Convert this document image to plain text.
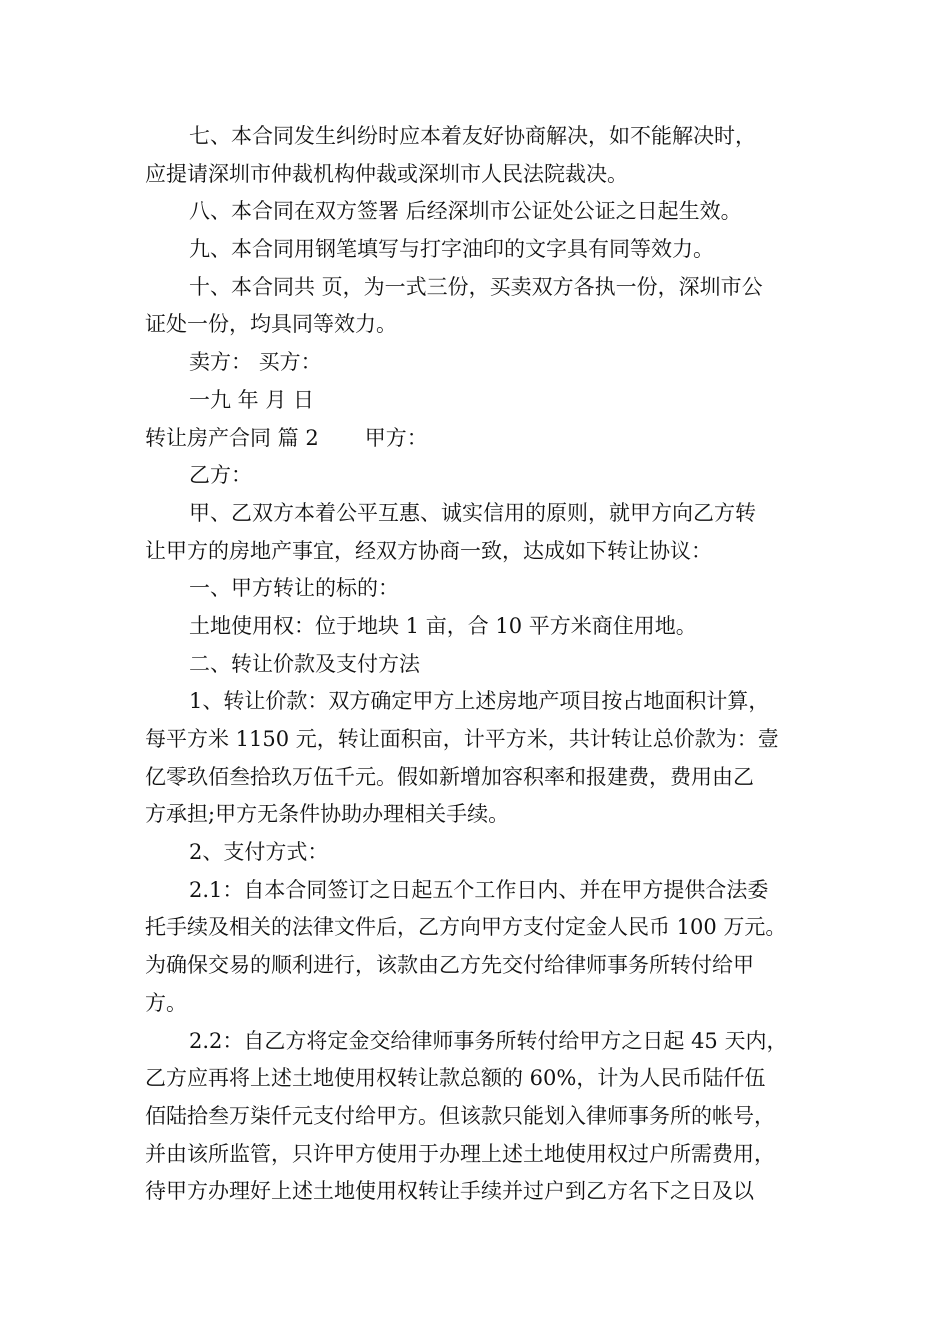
七、本合同发生纠纷时应本着友好协商解决，如不能解决时，
应提请深圳市仲裁机构仲裁或深圳市人民法院裁决。
八、本合同在双方签署 后经深圳市公证处公证之日起生效。
九、本合同用钢笔填写与打字油印的文字具有同等效力。
十、本合同共 页，为一式三份，买卖双方各执一份，深圳市公
证处一份，均具同等效力。
卖方： 买方：
一九 年 月 日
转让房产合同 篇 2 甲方：
乙方：
甲、乙双方本着公平互惠、诚实信用的原则，就甲方向乙方转
让甲方的房地产事宜，经双方协商一致，达成如下转让协议：
一、甲方转让的标的：
土地使用权：位于地块 1 亩，合 10 平方米商住用地。
二、转让价款及支付方法
1、转让价款：双方确定甲方上述房地产项目按占地面积计算，
每平方米 1150 元，转让面积亩，计平方米，共计转让总价款为：壹
亿零玖佰叁拾玖万伍千元。假如新增加容积率和报建费，费用由乙
方承担;甲方无条件协助办理相关手续。
2、支付方式：
2.1：自本合同签订之日起五个工作日内、并在甲方提供合法委
托手续及相关的法律文件后，乙方向甲方支付定金人民币 100 万元。
为确保交易的顺利进行，该款由乙方先交付给律师事务所转付给甲
方。
2.2：自乙方将定金交给律师事务所转付给甲方之日起 45 天内，
乙方应再将上述土地使用权转让款总额的 60%，计为人民币陆仟伍
佰陆拾叁万柒仟元支付给甲方。但该款只能划入律师事务所的帐号，
并由该所监管，只许甲方使用于办理上述土地使用权过户所需费用，
待甲方办理好上述土地使用权转让手续并过户到乙方名下之日及以
